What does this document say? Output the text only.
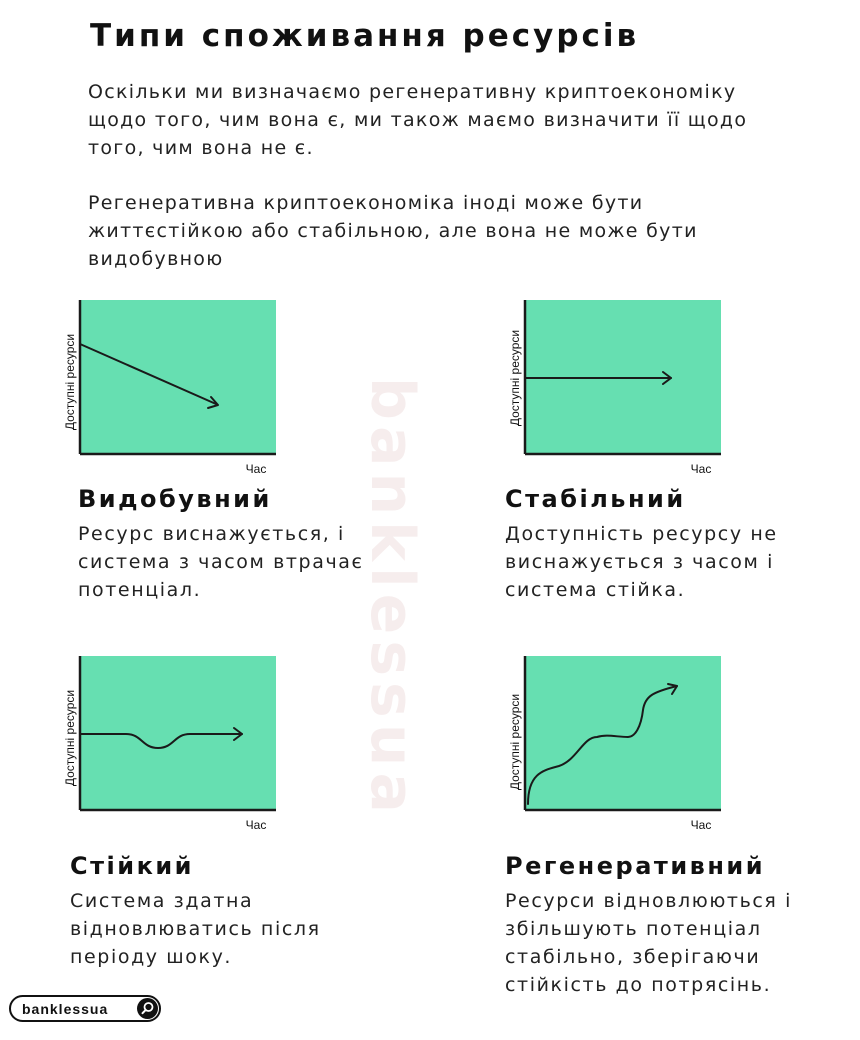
Типи споживання ресурсів
Оскільки ми визначаємо регенеративну криптоекономіку щодо того, чим вона є, ми також маємо визначити її щодо того, чим вона не є.
Регенеративна криптоекономіка іноді може бути життєстійкою або стабільною, але вона не може бути видобувною
banklessua
Доступні ресурси
Час
Доступні ресурси
Час
Доступні ресурси
Час
Доступні ресурси
Час
Видобувний
Ресурс виснажується, і система з часом втрачає потенціал.
Стабільний
Доступність ресурсу не виснажується з часом і система стійка.
Стійкий
Система здатна відновлюватись після періоду шоку.
Регенеративний
Ресурси відновлюються і збільшують потенціал стабільно, зберігаючи стійкість до потрясінь.
banklessua
